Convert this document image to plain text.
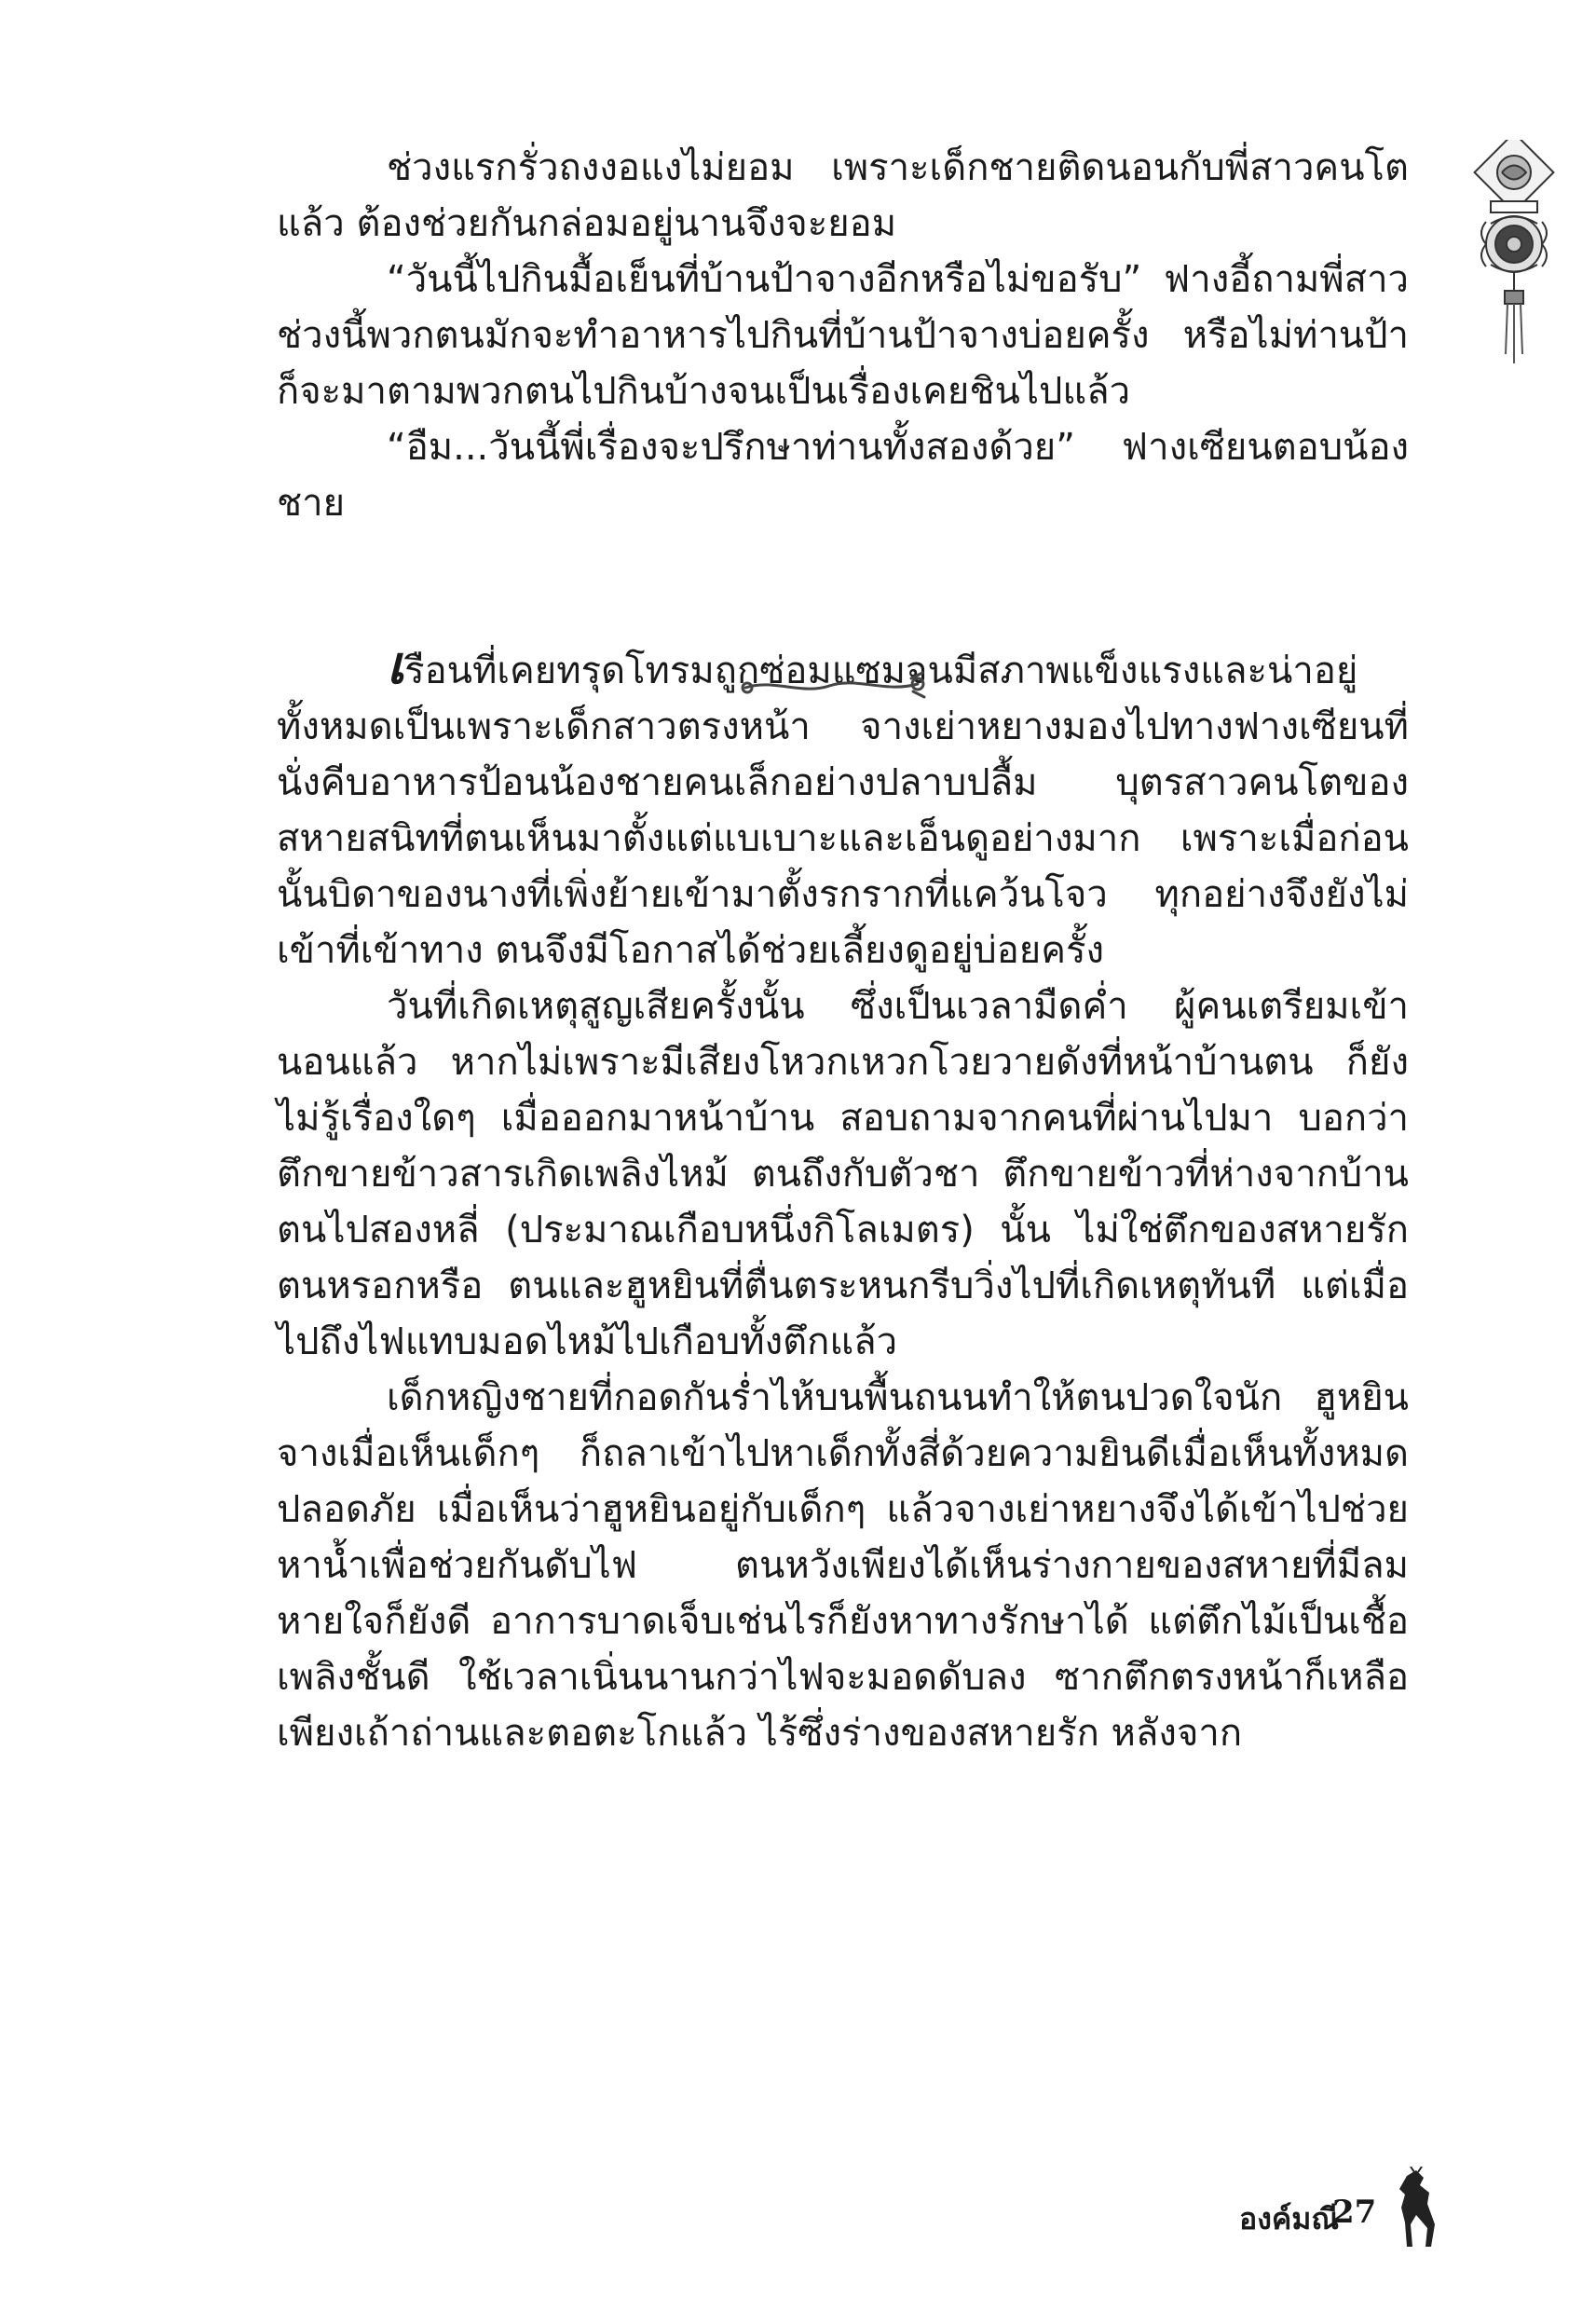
ช่วงแรกรั่วถงงอแงไม่ยอม เพราะเด็กชายติดนอนกับพี่สาวคนโตแล้ว ต้องช่วยกันกล่อมอยู่นานจึงจะยอม

“วันนี้ไปกินมื้อเย็นที่บ้านป้าจางอีกหรือไม่ขอรับ” ฟางอี้ถามพี่สาว ช่วงนี้พวกตนมักจะทำอาหารไปกินที่บ้านป้าจางบ่อยครั้ง หรือไม่ท่านป้าก็จะมาตามพวกตนไปกินบ้างจนเป็นเรื่องเคยชินไปแล้ว

“อืม...วันนี้พี่เรื่องจะปรึกษาท่านทั้งสองด้วย” ฟางเซียนตอบน้องชาย

เรือนที่เคยทรุดโทรมถูกซ่อมแซมจนมีสภาพแข็งแรงและน่าอยู่ทั้งหมดเป็นเพราะเด็กสาวตรงหน้า จางเย่าหยางมองไปทางฟางเซียนที่นั่งคีบอาหารป้อนน้องชายคนเล็กอย่างปลาบปลื้ม บุตรสาวคนโตของสหายสนิทที่ตนเห็นมาตั้งแต่แบเบาะและเอ็นดูอย่างมาก เพราะเมื่อก่อนนั้นบิดาของนางที่เพิ่งย้ายเข้ามาตั้งรกรากที่แคว้นโจว ทุกอย่างจึงยังไม่เข้าที่เข้าทาง ตนจึงมีโอกาสได้ช่วยเลี้ยงดูอยู่บ่อยครั้ง

วันที่เกิดเหตุสูญเสียครั้งนั้น ซึ่งเป็นเวลามืดค่ำ ผู้คนเตรียมเข้านอนแล้ว หากไม่เพราะมีเสียงโหวกเหวกโวยวายดังที่หน้าบ้านตน ก็ยังไม่รู้เรื่องใดๆ เมื่อออกมาหน้าบ้าน สอบถามจากคนที่ผ่านไปมา บอกว่าตึกขายข้าวสารเกิดเพลิงไหม้ ตนถึงกับตัวชา ตึกขายข้าวที่ห่างจากบ้านตนไปสองหลี่ (ประมาณเกือบหนึ่งกิโลเมตร) นั้น ไม่ใช่ตึกของสหายรักตนหรอกหรือ ตนและฮูหยินที่ตื่นตระหนกรีบวิ่งไปที่เกิดเหตุทันที แต่เมื่อไปถึงไฟแทบมอดไหม้ไปเกือบทั้งตึกแล้ว

เด็กหญิงชายที่กอดกันร่ำไห้บนพื้นถนนทำให้ตนปวดใจนัก ฮูหยินจางเมื่อเห็นเด็กๆ ก็ถลาเข้าไปหาเด็กทั้งสี่ด้วยความยินดีเมื่อเห็นทั้งหมดปลอดภัย เมื่อเห็นว่าฮูหยินอยู่กับเด็กๆ แล้วจางเย่าหยางจึงได้เข้าไปช่วยหาน้ำเพื่อช่วยกันดับไฟ ตนหวังเพียงได้เห็นร่างกายของสหายที่มีลมหายใจก็ยังดี อาการบาดเจ็บเช่นไรก็ยังหาทางรักษาได้ แต่ตึกไม้เป็นเชื้อเพลิงชั้นดี ใช้เวลาเนิ่นนานกว่าไฟจะมอดดับลง ซากตึกตรงหน้าก็เหลือเพียงเถ้าถ่านและตอตะโกแล้ว ไร้ซึ่งร่างของสหายรัก หลังจาก

องค์มณี
27
